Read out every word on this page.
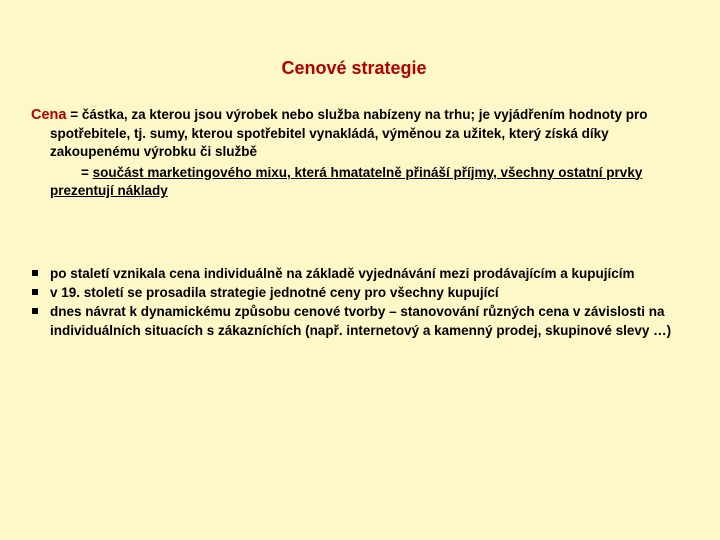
Cenové strategie
Cena = částka, za kterou jsou výrobek nebo služba nabízeny na trhu; je vyjádřením hodnoty pro spotřebitele, tj. sumy, kterou spotřebitel vynakládá, výměnou za užitek, který získá díky zakoupenému výrobku či službě
= součást marketingového mixu, která hmatatelně přináší příjmy, všechny ostatní prvky prezentují náklady
po staletí vznikala cena individuálně na základě vyjednávání mezi prodávajícím a kupujícím
v 19. století se prosadila strategie jednotné ceny pro všechny kupující
dnes návrat k dynamickému způsobu cenové tvorby – stanovování různých cena v závislosti na individuálních situacích s zákazníchích (např. internetový a kamenný prodej, skupinové slevy …)
